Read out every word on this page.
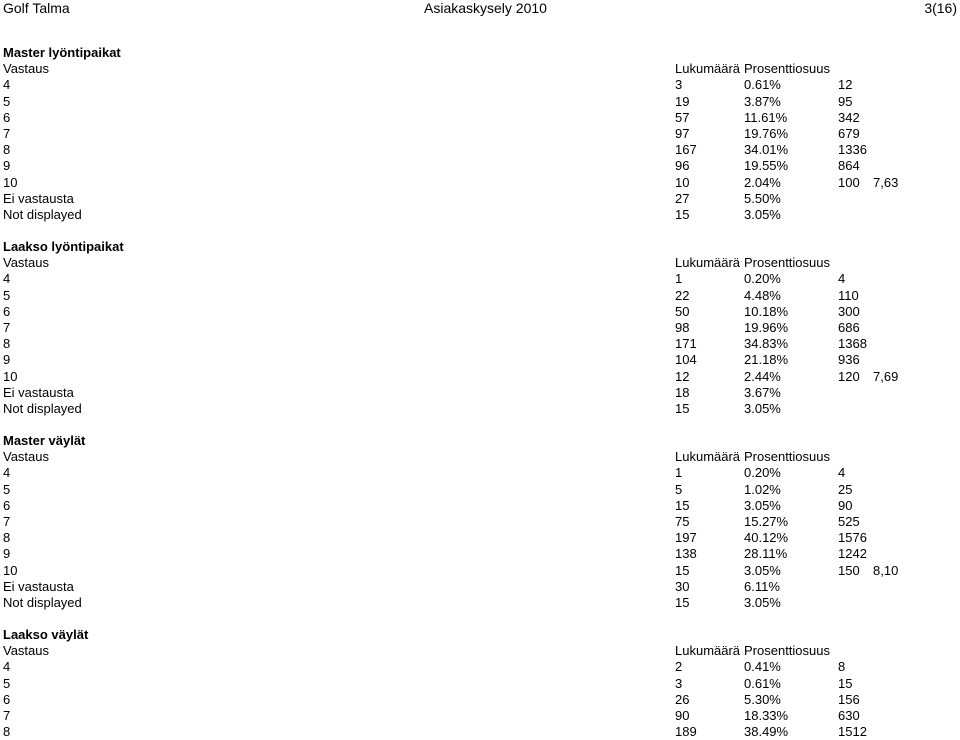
Golf Talma	Asiakaskysely 2010	3(16)
Master lyöntipaikat
Vastaus	Lukumäärä Prosenttiosuus
4	3	0.61%	12
5	19	3.87%	95
6	57	11.61%	342
7	97	19.76%	679
8	167	34.01%	1336
9	96	19.55%	864
10	10	2.04%	100 7,63
Ei vastausta	27	5.50%
Not displayed	15	3.05%
Laakso lyöntipaikat
Vastaus	Lukumäärä Prosenttiosuus
4	1	0.20%	4
5	22	4.48%	110
6	50	10.18%	300
7	98	19.96%	686
8	171	34.83%	1368
9	104	21.18%	936
10	12	2.44%	120 7,69
Ei vastausta	18	3.67%
Not displayed	15	3.05%
Master väylät
Vastaus	Lukumäärä Prosenttiosuus
4	1	0.20%	4
5	5	1.02%	25
6	15	3.05%	90
7	75	15.27%	525
8	197	40.12%	1576
9	138	28.11%	1242
10	15	3.05%	150 8,10
Ei vastausta	30	6.11%
Not displayed	15	3.05%
Laakso väylät
Vastaus	Lukumäärä Prosenttiosuus
4	2	0.41%	8
5	3	0.61%	15
6	26	5.30%	156
7	90	18.33%	630
8	189	38.49%	1512
